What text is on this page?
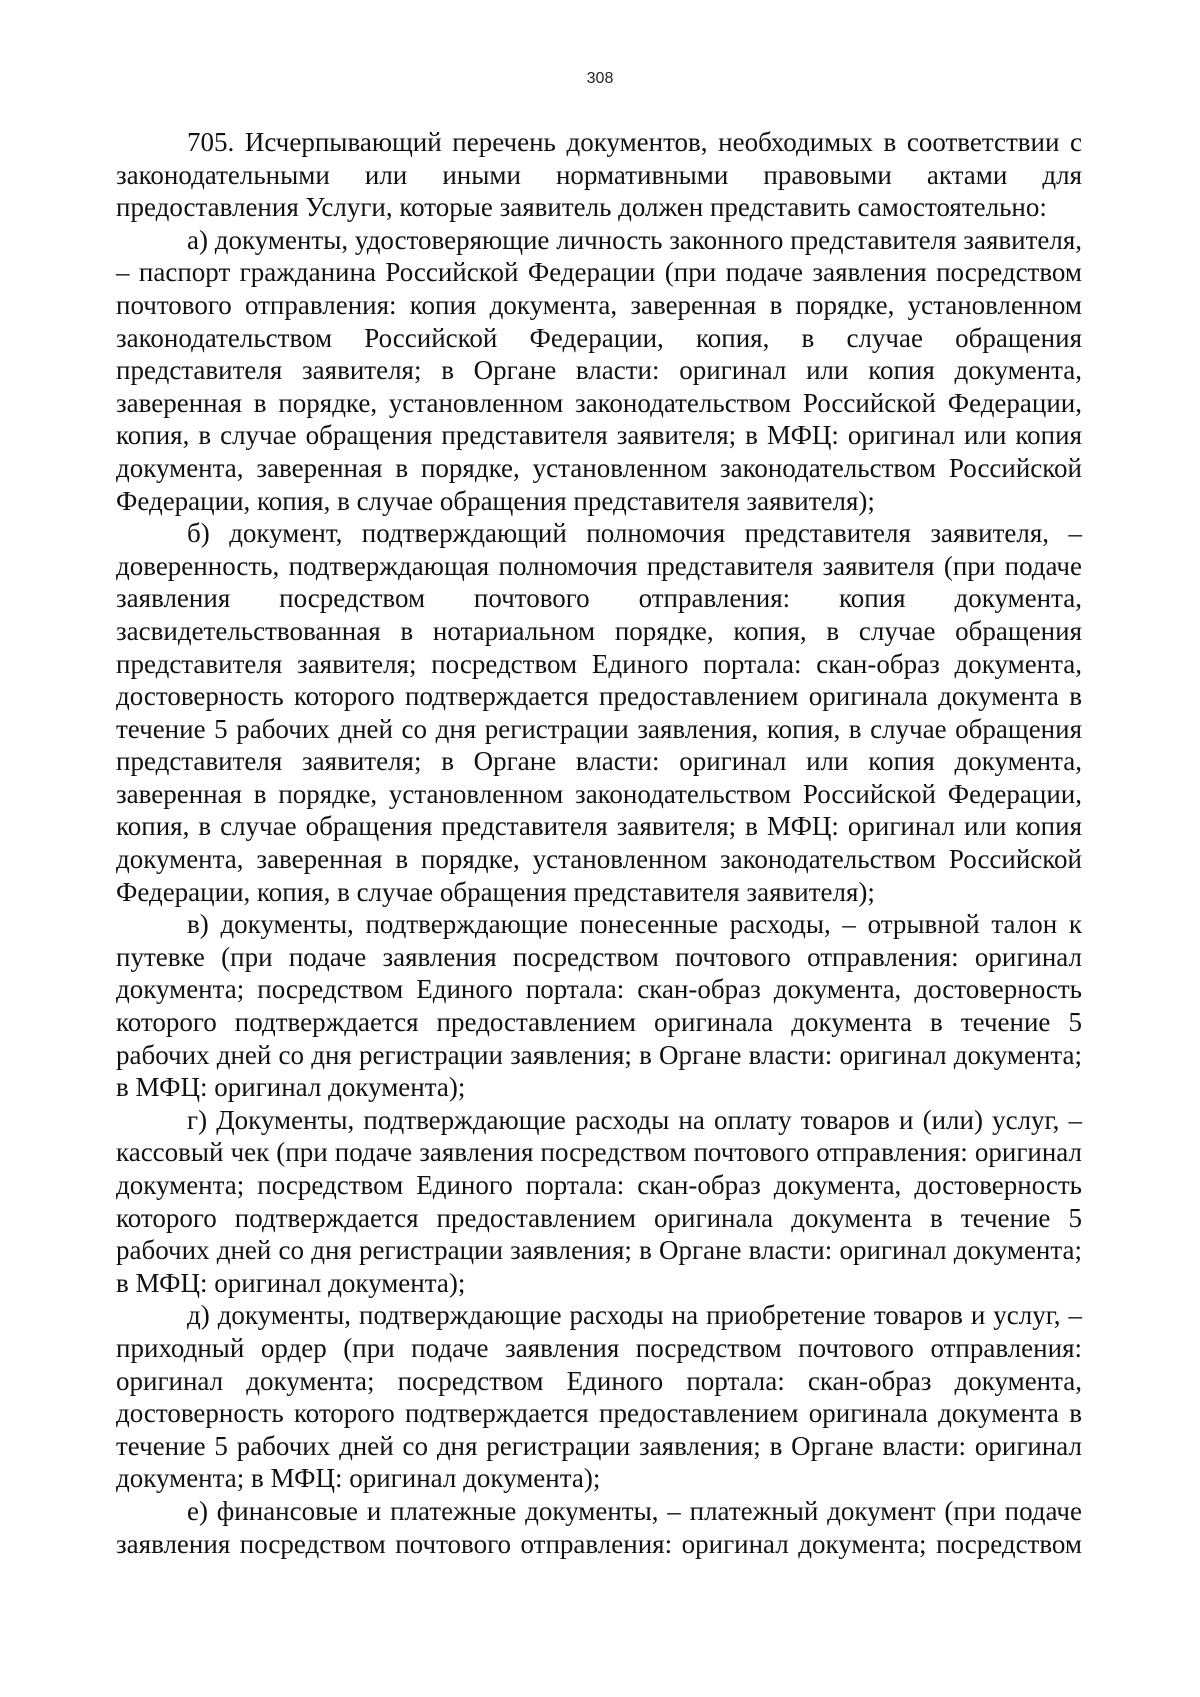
308

705. Исчерпывающий перечень документов, необходимых в соответствии с законодательными или иными нормативными правовыми актами для предоставления Услуги, которые заявитель должен представить самостоятельно:

а) документы, удостоверяющие личность законного представителя заявителя, – паспорт гражданина Российской Федерации (при подаче заявления посредством почтового отправления: копия документа, заверенная в порядке, установленном законодательством Российской Федерации, копия, в случае обращения представителя заявителя; в Органе власти: оригинал или копия документа, заверенная в порядке, установленном законодательством Российской Федерации, копия, в случае обращения представителя заявителя; в МФЦ: оригинал или копия документа, заверенная в порядке, установленном законодательством Российской Федерации, копия, в случае обращения представителя заявителя);

б) документ, подтверждающий полномочия представителя заявителя, – доверенность, подтверждающая полномочия представителя заявителя (при подаче заявления посредством почтового отправления: копия документа, засвидетельствованная в нотариальном порядке, копия, в случае обращения представителя заявителя; посредством Единого портала: скан-образ документа, достоверность которого подтверждается предоставлением оригинала документа в течение 5 рабочих дней со дня регистрации заявления, копия, в случае обращения представителя заявителя; в Органе власти: оригинал или копия документа, заверенная в порядке, установленном законодательством Российской Федерации, копия, в случае обращения представителя заявителя; в МФЦ: оригинал или копия документа, заверенная в порядке, установленном законодательством Российской Федерации, копия, в случае обращения представителя заявителя);

в) документы, подтверждающие понесенные расходы, – отрывной талон к путевке (при подаче заявления посредством почтового отправления: оригинал документа; посредством Единого портала: скан-образ документа, достоверность которого подтверждается предоставлением оригинала документа в течение 5 рабочих дней со дня регистрации заявления; в Органе власти: оригинал документа; в МФЦ: оригинал документа);

г) Документы, подтверждающие расходы на оплату товаров и (или) услуг, – кассовый чек (при подаче заявления посредством почтового отправления: оригинал документа; посредством Единого портала: скан-образ документа, достоверность которого подтверждается предоставлением оригинала документа в течение 5 рабочих дней со дня регистрации заявления; в Органе власти: оригинал документа; в МФЦ: оригинал документа);

д) документы, подтверждающие расходы на приобретение товаров и услуг, – приходный ордер (при подаче заявления посредством почтового отправления: оригинал документа; посредством Единого портала: скан-образ документа, достоверность которого подтверждается предоставлением оригинала документа в течение 5 рабочих дней со дня регистрации заявления; в Органе власти: оригинал документа; в МФЦ: оригинал документа);

е) финансовые и платежные документы, – платежный документ (при подаче заявления посредством почтового отправления: оригинал документа; посредством
